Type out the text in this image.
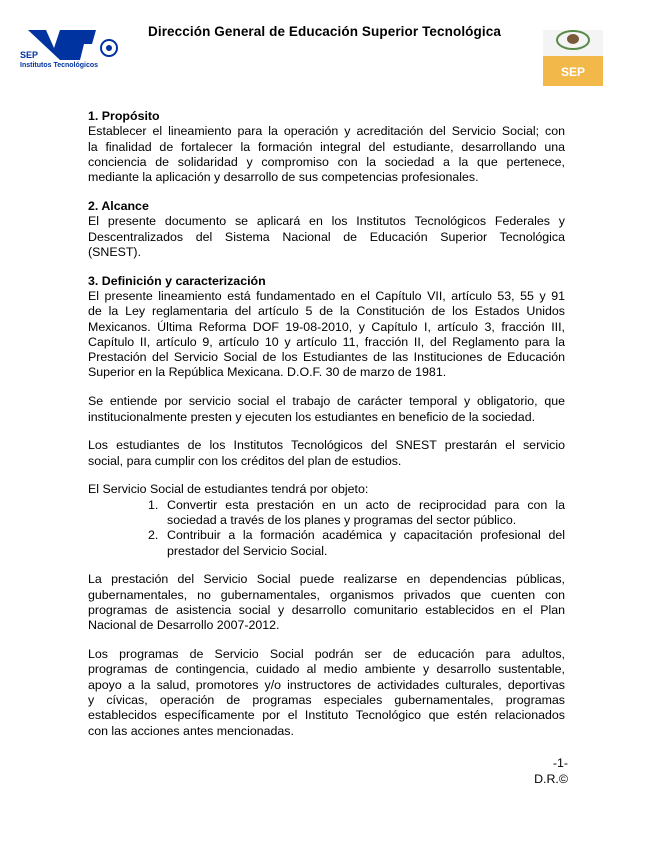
SEP
Institutos Tecnológicos
Dirección General de Educación Superior Tecnológica
SEP
1. Propósito
Establecer el lineamiento para la operación y acreditación del Servicio Social; con
la finalidad de fortalecer la formación integral del estudiante, desarrollando una
conciencia de solidaridad y compromiso con la sociedad a la que pertenece,
mediante la aplicación y desarrollo de sus competencias profesionales.
2. Alcance
El presente documento se aplicará en los Institutos Tecnológicos Federales y
Descentralizados del Sistema Nacional de Educación Superior Tecnológica
(SNEST).
3. Definición y caracterización
El presente lineamiento está fundamentado en el Capítulo VII, artículo 53, 55 y 91
de la Ley reglamentaria del artículo 5 de la Constitución de los Estados Unidos
Mexicanos. Última Reforma DOF 19-08-2010, y Capítulo I, artículo 3, fracción III,
Capítulo II, artículo 9, artículo 10 y artículo 11, fracción II, del Reglamento para la
Prestación del Servicio Social de los Estudiantes de las Instituciones de Educación
Superior en la República Mexicana. D.O.F. 30 de marzo de 1981.
Se entiende por servicio social el trabajo de carácter temporal y obligatorio, que
institucionalmente presten y ejecuten los estudiantes en beneficio de la sociedad.
Los estudiantes de los Institutos Tecnológicos del SNEST prestarán el servicio
social, para cumplir con los créditos del plan de estudios.
El Servicio Social de estudiantes tendrá por objeto:
1. Convertir esta prestación en un acto de reciprocidad para con la
sociedad a través de los planes y programas del sector público.
2. Contribuir a la formación académica y capacitación profesional del
prestador del Servicio Social.
La prestación del Servicio Social puede realizarse en dependencias públicas,
gubernamentales, no gubernamentales, organismos privados que cuenten con
programas de asistencia social y desarrollo comunitario establecidos en el Plan
Nacional de Desarrollo 2007-2012.
Los programas de Servicio Social podrán ser de educación para adultos,
programas de contingencia, cuidado al medio ambiente y desarrollo sustentable,
apoyo a la salud, promotores y/o instructores de actividades culturales, deportivas
y cívicas, operación de programas especiales gubernamentales, programas
establecidos específicamente por el Instituto Tecnológico que estén relacionados
con las acciones antes mencionadas.
-1-
D.R.©
